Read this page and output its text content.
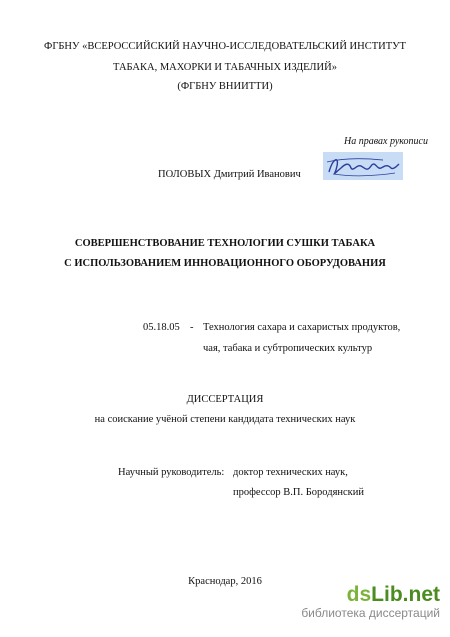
ФГБНУ «ВСЕРОССИЙСКИЙ НАУЧНО-ИССЛЕДОВАТЕЛЬСКИЙ ИНСТИТУТ
ТАБАКА, МАХОРКИ И ТАБАЧНЫХ ИЗДЕЛИЙ»
(ФГБНУ ВНИИТТИ)
На правах рукописи
ПОЛОВЫХ Дмитрий Иванович
СОВЕРШЕНСТВОВАНИЕ ТЕХНОЛОГИИ СУШКИ ТАБАКА
С ИСПОЛЬЗОВАНИЕМ ИННОВАЦИОННОГО ОБОРУДОВАНИЯ
05.18.05 - Технология сахара и сахаристых продуктов,
чая, табака и субтропических культур
ДИССЕРТАЦИЯ
на соискание учёной степени кандидата технических наук
Научный руководитель: доктор технических наук,
профессор В.П. Бородянский
Краснодар, 2016
dsLib.net
библиотека диссертаций
